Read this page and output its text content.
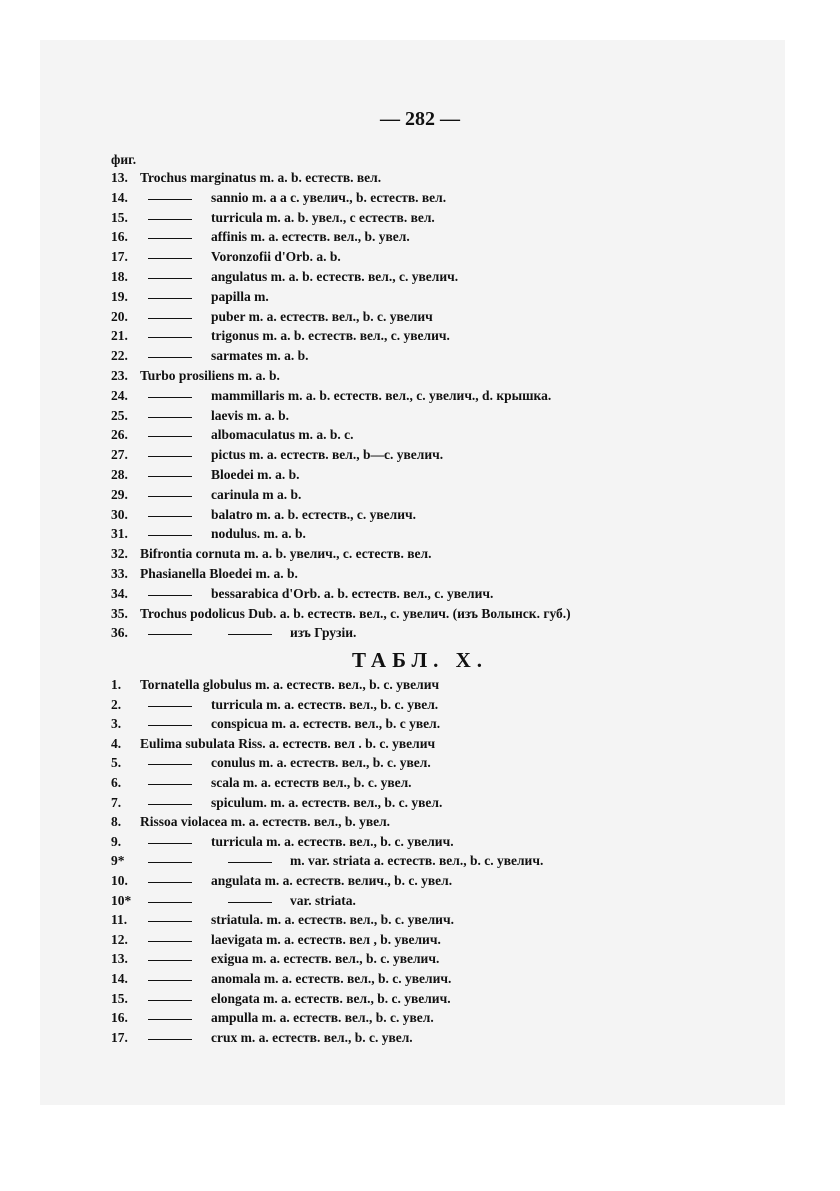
— 282 —
фиг.
13. Trochus marginatus m. a. b. естеств. вел.
14.	sannio m. a a c. увелич., b. естеств. вел.
15.	turricula m. a. b. увел., c естеств. вел.
16.	affinis m. a. естеств. вел., b. увел.
17.	Voronzofii d'Orb. a. b.
18.	angulatus m. a. b. естеств. вел., c. увелич.
19.	papilla m.
20.	puber m. a. естеств. вел., b. c. увелич
21.	trigonus m. a. b. естеств. вел., c. увелич.
22.	sarmates m. a. b.
23. Turbo prosiliens m. a. b.
24.	mammillaris m. a. b. естеств. вел., c. увелич., d. крышка.
25.	laevis m. a. b.
26.	albomaculatus m. a. b. c.
27.	pictus m. a. естеств. вел., b—c. увелич.
28.	Bloedei m. a. b.
29.	carinula m a. b.
30.	balatro m. a. b. естеств., c. увелич.
31.	nodulus. m. a. b.
32. Bifrontia cornuta m. a. b. увелич., c. естеств. вел.
33. Phasianella Bloedei m. a. b.
34.	bessarabica d'Orb. a. b. естеств. вел., c. увелич.
35. Trochus podolicus Dub. a. b. естеств. вел., c. увелич. (изъ Волынск. губ.)
36.	изъ Грузiи.
ТАБЛ. X.
1. Tornatella globulus m. a. естеств. вел., b. c. увелич
2.	turricula m. a. естеств. вел., b. c. увел.
3.	conspicua m. a. естеств. вел., b. c увел.
4. Eulima subulata Riss. a. естеств. вел . b. c. увелич
5.	conulus m. a. естеств. вел., b. c. увел.
6.	scala m. a. естеств вел., b. c. увел.
7.	spiculum. m. a. естеств. вел., b. c. увел.
8. Rissoa violacea m. a. естеств. вел., b. увел.
9.	turricula m. a. естеств. вел., b. c. увелич.
9*	m. var. striata a. естеств. вел., b. c. увелич.
10.	angulata m. a. естеств. велич., b. c. увел.
10*	var. striata.
11.	striatula. m. a. естеств. вел., b. c. увелич.
12.	laevigata m. a. естеств. вел , b. увелич.
13.	exigua m. a. естеств. вел., b. c. увелич.
14.	anomala m. a. естеств. вел., b. c. увелич.
15.	elongata m. a. естеств. вел., b. c. увелич.
16.	ampulla m. a. естеств. вел., b. c. увел.
17.	crux m. a. естеств. вел., b. c. увел.
